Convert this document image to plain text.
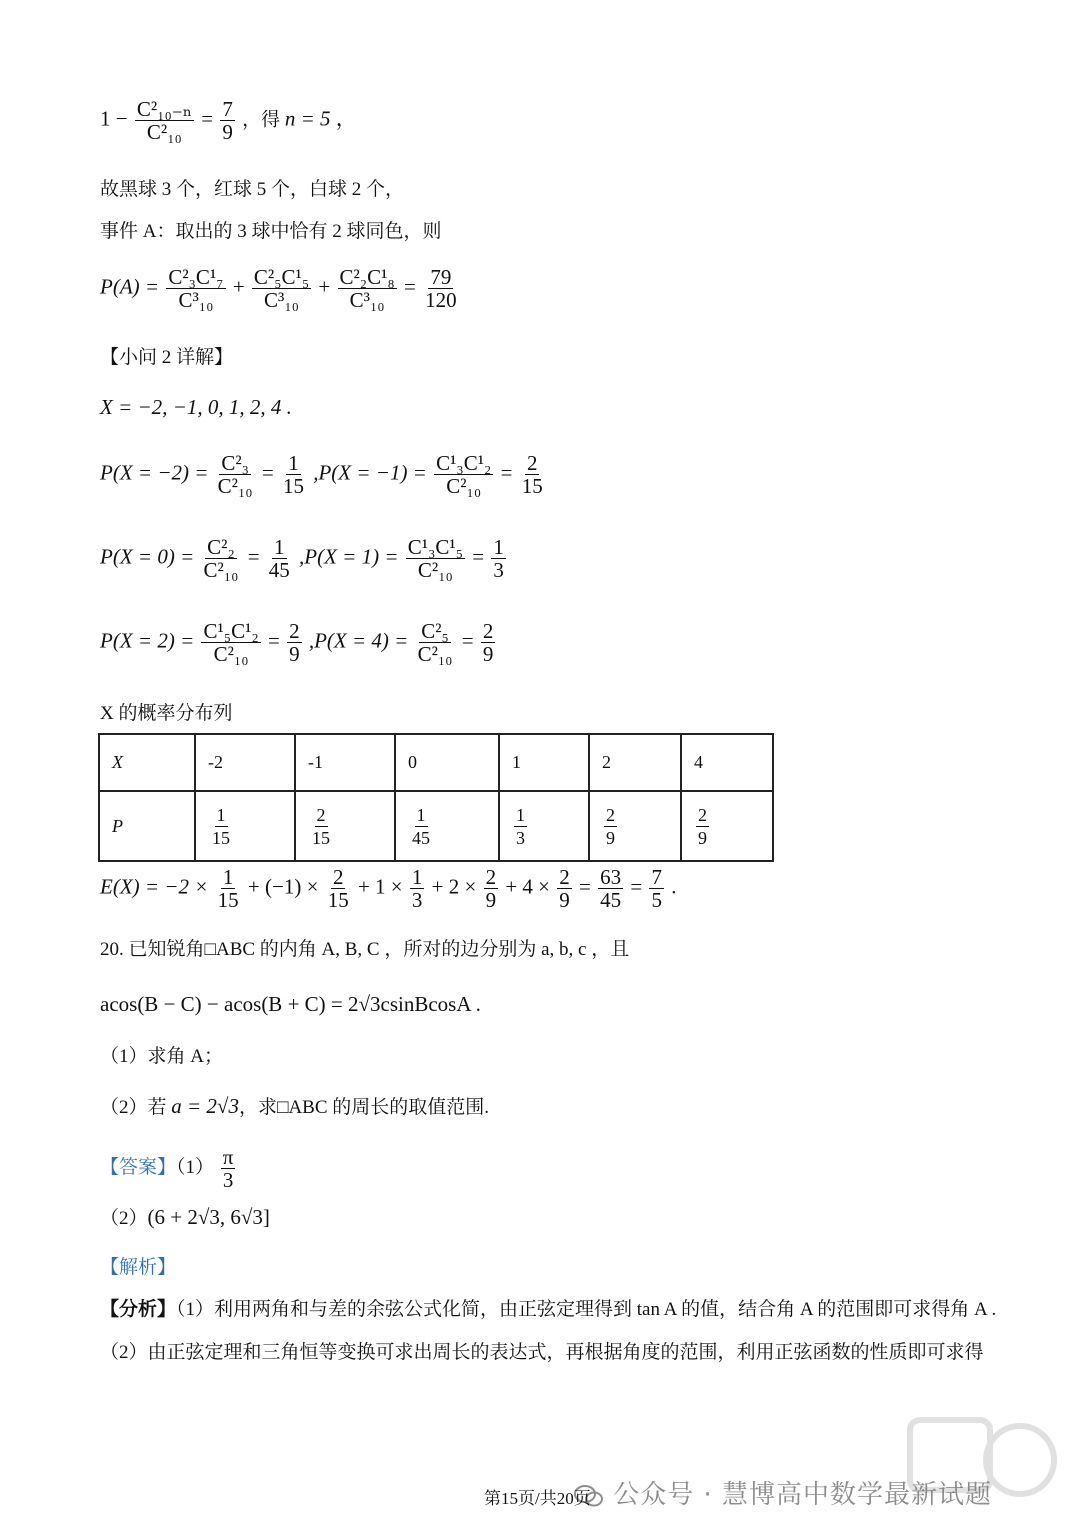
$1 - \frac{\text{C²₁₀₋ₙ}}{\text{C²₁₀}} = \frac{7}{9}$ ，得 n = 5 ，
故黑球 3 个，红球 5 个，白球 2 个，
事件 A：取出的 3 球中恰有 2 球同色，则
$P(A) = \frac{\text{C²₃C¹₇}}{\text{C³₁₀}} + \frac{\text{C²₅C¹₅}}{\text{C³₁₀}} + \frac{\text{C²₂C¹₈}}{\text{C³₁₀}} = \frac{79}{120}$
【小问 2 详解】
X = −2, −1, 0, 1, 2, 4 .
$P(X = -2) = \frac{\text{C²₃}}{\text{C²₁₀}} = \frac{1}{15} ,P(X = -1) = \frac{\text{C¹₃C¹₂}}{\text{C²₁₀}} = \frac{2}{15}$
$P(X = 0) = \frac{\text{C²₂}}{\text{C²₁₀}} = \frac{1}{45} ,P(X = 1) = \frac{\text{C¹₃C¹₅}}{\text{C²₁₀}} = \frac{1}{3}$
$P(X = 2) = \frac{\text{C¹₅C¹₂}}{\text{C²₁₀}} = \frac{2}{9} ,P(X = 4) = \frac{\text{C²₅}}{\text{C²₁₀}} = \frac{2}{9}$
X 的概率分布列
X	-2	-1	0	1	2	4
P	$\frac{1}{15}$	$\frac{2}{15}$	$\frac{1}{45}$	$\frac{1}{3}$	$\frac{2}{9}$	$\frac{2}{9}$
$E(X) = -2 \times \frac{1}{15} + (-1) \times \frac{2}{15} + 1 \times \frac{1}{3} + 2 \times \frac{2}{9} + 4 \times \frac{2}{9} = \frac{63}{45} = \frac{7}{5}$ .
20. 已知锐角□ABC 的内角 A, B, C ，所对的边分别为 a, b, c ，且
acos(B − C) − acos(B + C) = 2√3csinBcosA .
（1）求角 A；
（2）若 a = 2√3，求□ABC 的周长的取值范围.
【答案】$(1) \frac{\pi}{3}$
（2）(6 + 2√3, 6√3]
【解析】
【分析】（1）利用两角和与差的余弦公式化简，由正弦定理得到 tan A 的值，结合角 A 的范围即可求得角 A .
（2）由正弦定理和三角恒等变换可求出周长的表达式，再根据角度的范围，利用正弦函数的性质即可求得
公众号 · 慧博高中数学最新试题
第15页/共20页
